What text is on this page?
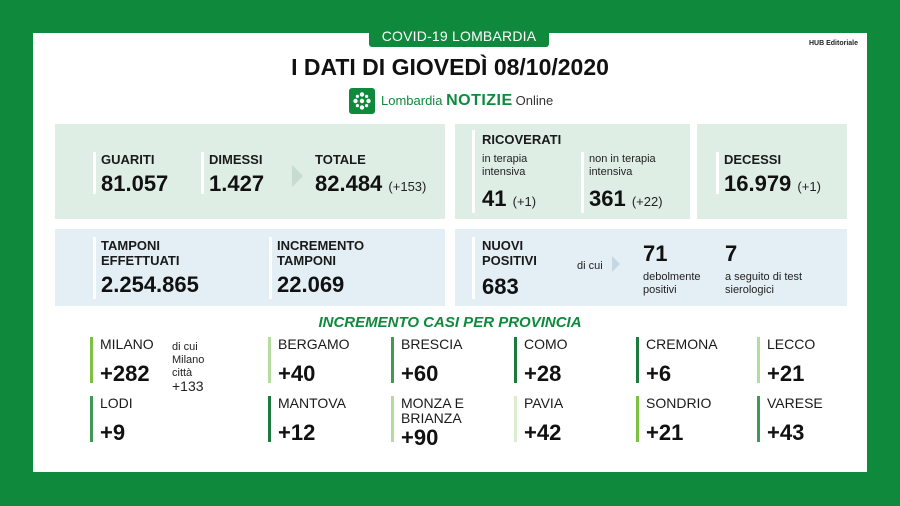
COVID-19 LOMBARDIA	HUB Editoriale
I DATI DI GIOVEDÌ 08/10/2020
Lombardia NOTIZIE Online
GUARITI
81.057
DIMESSI
1.427
TOTALE
82.484 (+153)
RICOVERATI
in terapia intensiva
41 (+1)
non in terapia intensiva
361 (+22)
DECESSI
16.979 (+1)
TAMPONI EFFETTUATI
2.254.865
INCREMENTO TAMPONI
22.069
NUOVI POSITIVI
683
di cui 71
debolmente positivi
7
a seguito di test sierologici
INCREMENTO CASI PER PROVINCIA
MILANO
+282
di cui
Milano città
+133
BERGAMO
+40
BRESCIA
+60
COMO
+28
CREMONA
+6
LECCO
+21
LODI
+9
MANTOVA
+12
MONZA E BRIANZA
+90
PAVIA
+42
SONDRIO
+21
VARESE
+43
